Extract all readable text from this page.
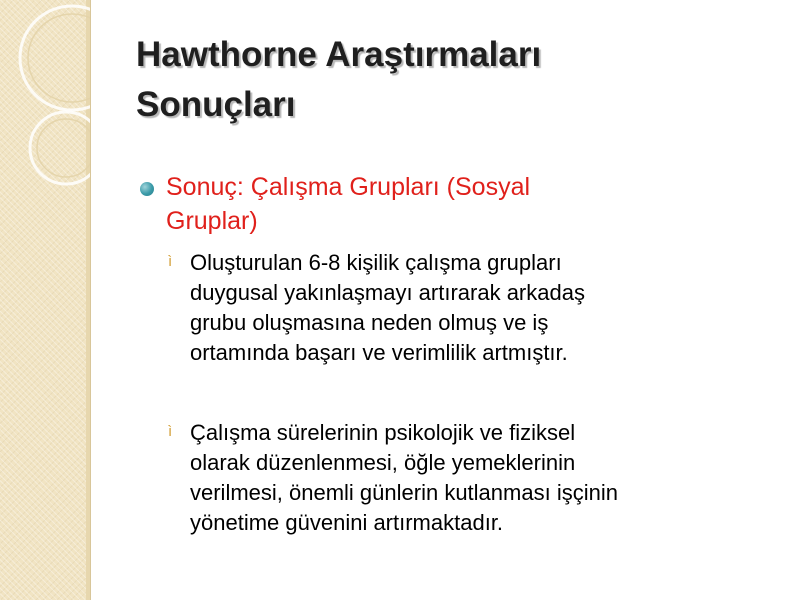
Hawthorne Araştırmaları
Sonuçları
Sonuç: Çalışma Grupları (Sosyal
Gruplar)
ì Oluşturulan 6-8 kişilik çalışma grupları
duygusal yakınlaşmayı artırarak arkadaş
grubu oluşmasına neden olmuş ve iş
ortamında başarı ve verimlilik artmıştır.
ì Çalışma sürelerinin psikolojik ve fiziksel
olarak düzenlenmesi, öğle yemeklerinin
verilmesi, önemli günlerin kutlanması işçinin
yönetime güvenini artırmaktadır.
